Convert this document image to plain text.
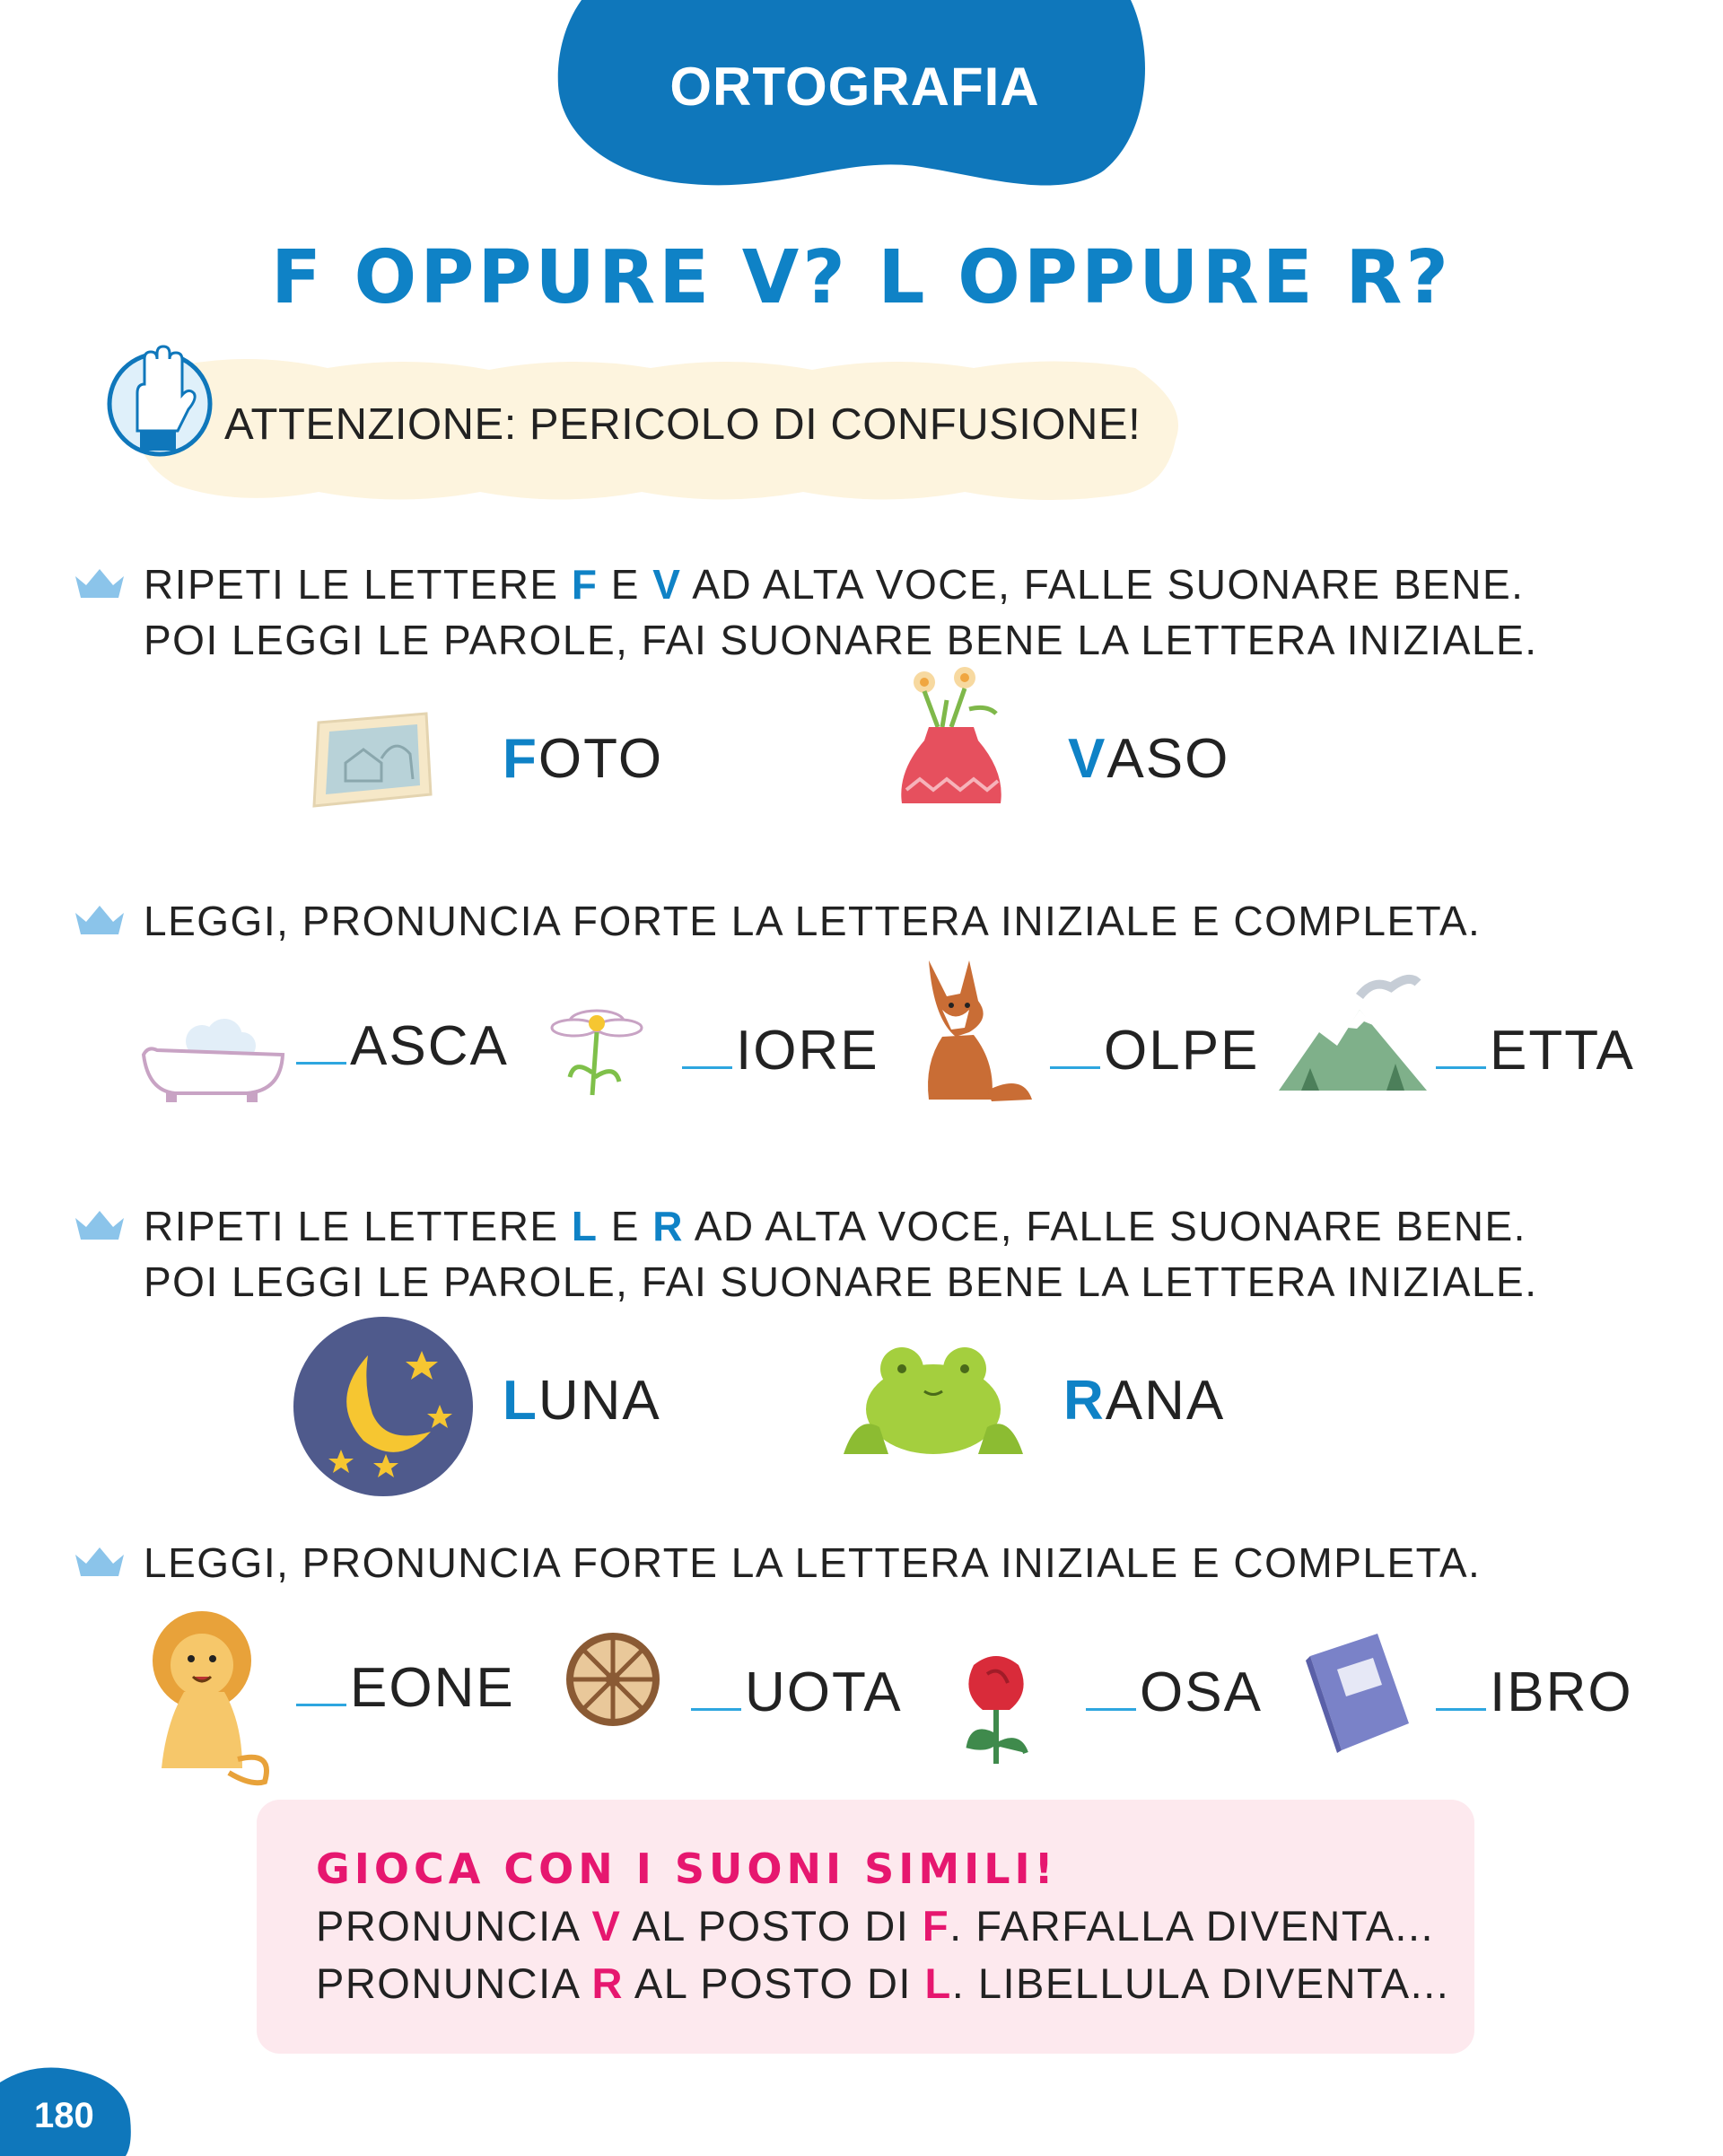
ORTOGRAFIA
F OPPURE V? L OPPURE R?
ATTENZIONE: PERICOLO DI CONFUSIONE!
RIPETI LE LETTERE F E V AD ALTA VOCE, FALLE SUONARE BENE.
POI LEGGI LE PAROLE, FAI SUONARE BENE LA LETTERA INIZIALE.
FOTO	VASO
LEGGI, PRONUNCIA FORTE LA LETTERA INIZIALE E COMPLETA.
ASCA	IORE	OLPE	ETTA
RIPETI LE LETTERE L E R AD ALTA VOCE, FALLE SUONARE BENE.
POI LEGGI LE PAROLE, FAI SUONARE BENE LA LETTERA INIZIALE.
LUNA	RANA
LEGGI, PRONUNCIA FORTE LA LETTERA INIZIALE E COMPLETA.
EONE	UOTA	OSA	IBRO
GIOCA CON I SUONI SIMILI!
PRONUNCIA V AL POSTO DI F. FARFALLA DIVENTA...
PRONUNCIA R AL POSTO DI L. LIBELLULA DIVENTA...
180
